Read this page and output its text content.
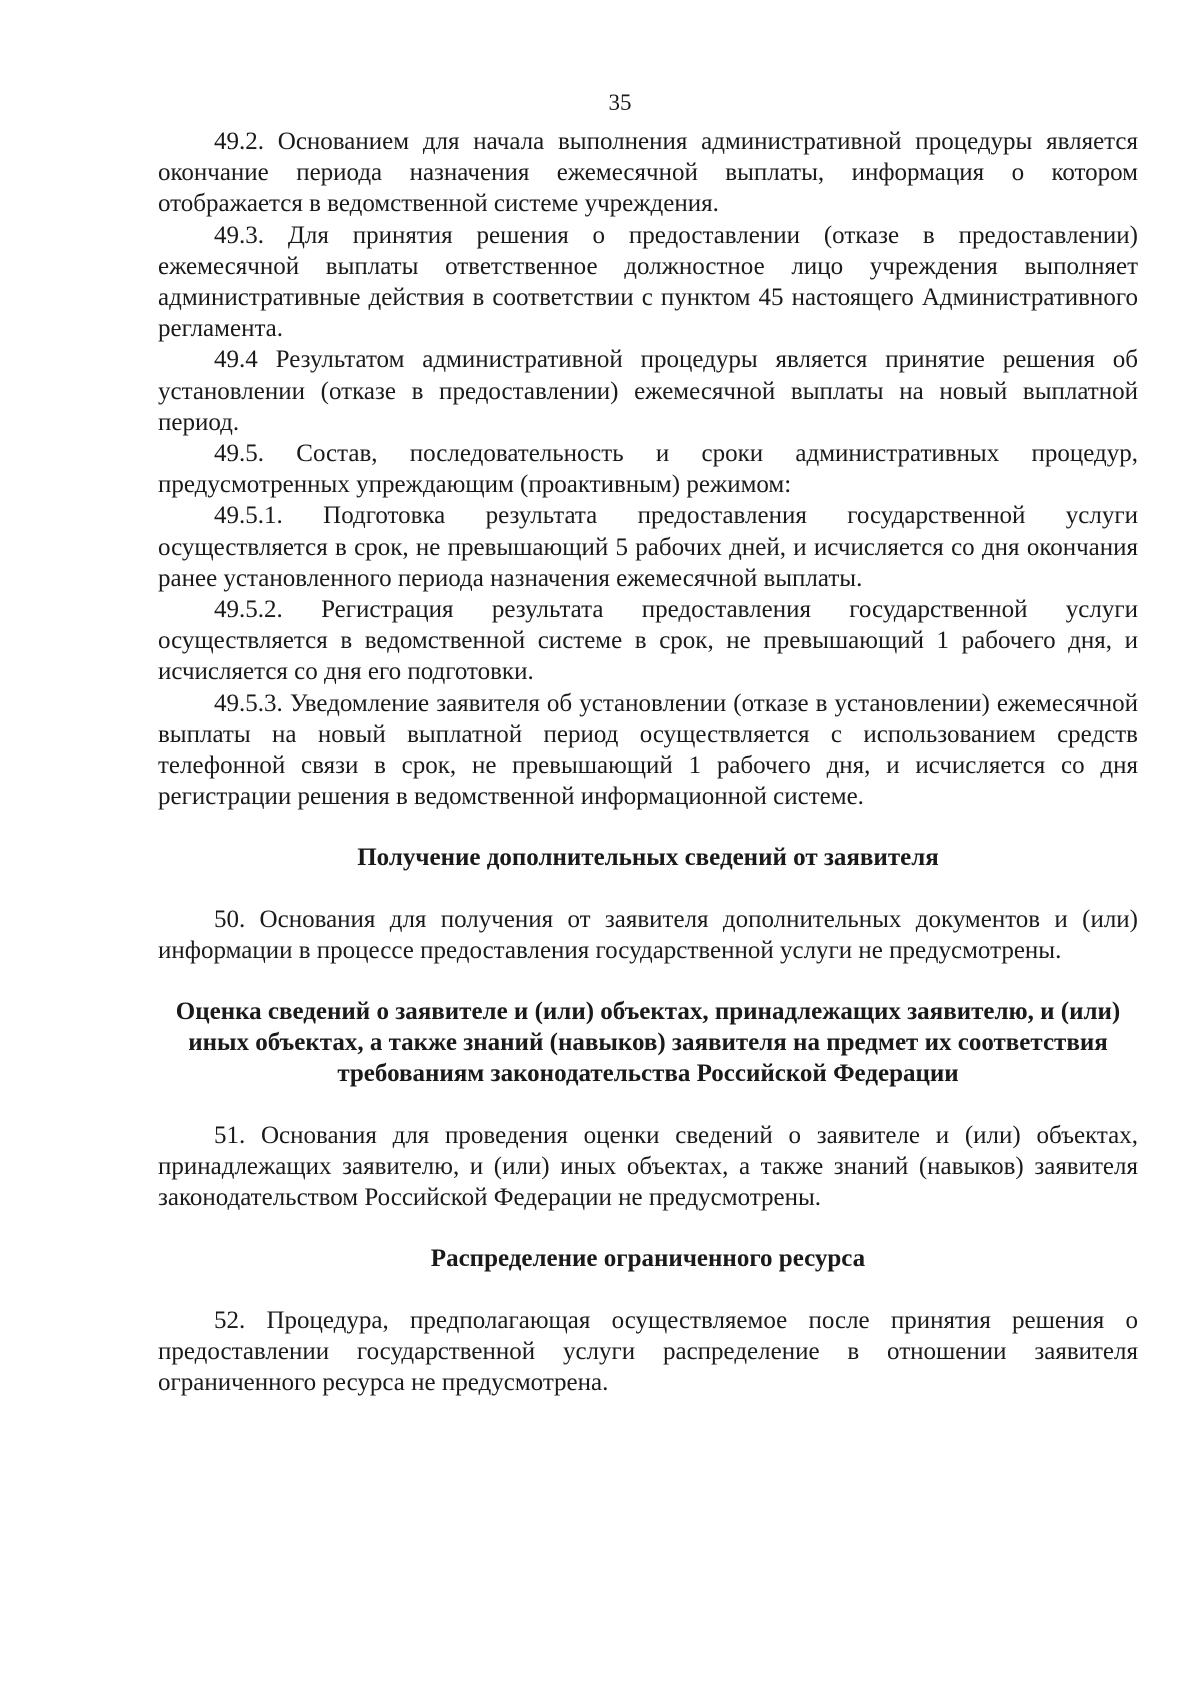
35

49.2. Основанием для начала выполнения административной процедуры является окончание периода назначения ежемесячной выплаты, информация о котором отображается в ведомственной системе учреждения.

49.3. Для принятия решения о предоставлении (отказе в предоставлении) ежемесячной выплаты ответственное должностное лицо учреждения выполняет административные действия в соответствии с пунктом 45 настоящего Административного регламента.

49.4 Результатом административной процедуры является принятие решения об установлении (отказе в предоставлении) ежемесячной выплаты на новый выплатной период.

49.5. Состав, последовательность и сроки административных процедур, предусмотренных упреждающим (проактивным) режимом:

49.5.1. Подготовка результата предоставления государственной услуги осуществляется в срок, не превышающий 5 рабочих дней, и исчисляется со дня окончания ранее установленного периода назначения ежемесячной выплаты.

49.5.2. Регистрация результата предоставления государственной услуги осуществляется в ведомственной системе в срок, не превышающий 1 рабочего дня, и исчисляется со дня его подготовки.

49.5.3. Уведомление заявителя об установлении (отказе в установлении) ежемесячной выплаты на новый выплатной период осуществляется с использованием средств телефонной связи в срок, не превышающий 1 рабочего дня, и исчисляется со дня регистрации решения в ведомственной информационной системе.

Получение дополнительных сведений от заявителя

50. Основания для получения от заявителя дополнительных документов и (или) информации в процессе предоставления государственной услуги не предусмотрены.

Оценка сведений о заявителе и (или) объектах, принадлежащих заявителю, и (или) иных объектах, а также знаний (навыков) заявителя на предмет их соответствия требованиям законодательства Российской Федерации

51. Основания для проведения оценки сведений о заявителе и (или) объектах, принадлежащих заявителю, и (или) иных объектах, а также знаний (навыков) заявителя законодательством Российской Федерации не предусмотрены.

Распределение ограниченного ресурса

52. Процедура, предполагающая осуществляемое после принятия решения о предоставлении государственной услуги распределение в отношении заявителя ограниченного ресурса не предусмотрена.
